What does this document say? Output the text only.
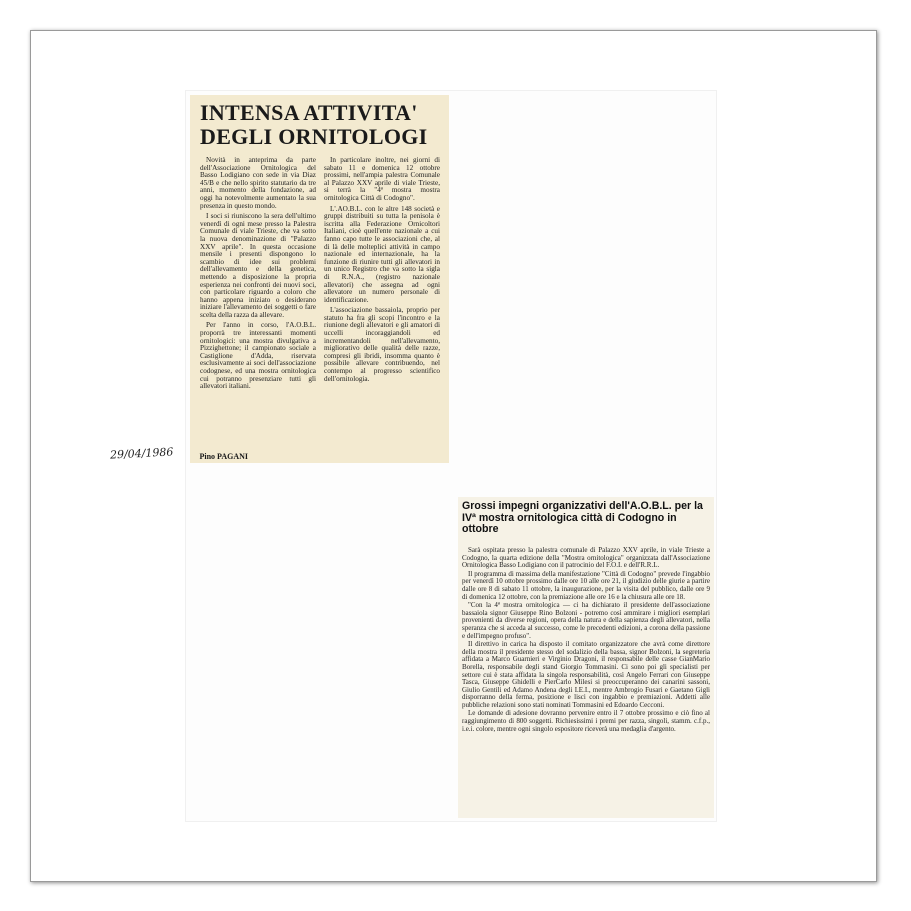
INTENSA ATTIVITA'
DEGLI ORNITOLOGI

Novità in anteprima da parte dell'Associazione Ornitologica del Basso Lodigiano con sede in via Diaz 45/B e che nello spirito statutario da tre anni, momento della fondazione, ad oggi ha notevolmente aumentato la sua presenza in questo mondo.

I soci si riuniscono la sera dell'ultimo venerdì di ogni mese presso la Palestra Comunale di viale Trieste, che va sotto la nuova denominazione di "Palazzo XXV aprile". In questa occasione mensile i presenti dispongono lo scambio di idee sui problemi dell'allevamento e della genetica, mettendo a disposizione la propria esperienza nei confronti dei nuovi soci, con particolare riguardo a coloro che hanno appena iniziato o desiderano iniziare l'allevamento dei soggetti o fare scelta della razza da allevare.

Per l'anno in corso, l'A.O.B.L. proporrà tre interessanti momenti ornitologici: una mostra divulgativa a Pizzighettone; il campionato sociale a Castiglione d'Adda, riservata esclusivamente ai soci dell'associazione codognese, ed una mostra ornitologica cui potranno presenziare tutti gli allevatori italiani.

In particolare inoltre, nei giorni di sabato 11 e domenica 12 ottobre prossimi, nell'ampia palestra Comunale al Palazzo XXV aprile di viale Trieste, si terrà la "4ª mostra mostra ornitologica Città di Codogno".

L'.AO.B.L. con le altre 148 società e gruppi distribuiti su tutta la penisola è iscritta alla Federazione Ornicoltori Italiani, cioè quell'ente nazionale a cui fanno capo tutte le associazioni che, al di là delle molteplici attività in campo nazionale ed internazionale, ha la funzione di riunire tutti gli allevatori in un unico Registro che va sotto la sigla di R.N.A., (registro nazionale allevatori) che assegna ad ogni allevatore un numero personale di identificazione.

L'associazione bassaiola, proprio per statuto ha fra gli scopi l'incontro e la riunione degli allevatori e gli amatori di uccelli incoraggiandoli ed incrementandoli nell'allevamento, migliorativo delle qualità delle razze, compresi gli ibridi, insomma quanto è possibile allevare contribuendo, nel contempo al progresso scientifico dell'ornitologia.

29/04/1986	Pino PAGANI
Grossi impegni organizzativi dell'A.O.B.L. per la IVª mostra ornitologica città di Codogno in ottobre

Sarà ospitata presso la palestra comunale di Palazzo XXV aprile, in viale Trieste a Codogno, la quarta edizione della "Mostra ornitologica" organizzata dall'Associazione Ornitologica Basso Lodigiano con il patrocinio del F.O.I. e dell'R.R.L.

Il programma di massima della manifestazione "Città di Codogno" prevede l'ingabbio per venerdì 10 ottobre prossimo dalle ore 10 alle ore 21, il giudizio delle giurie a partire dalle ore 8 di sabato 11 ottobre, la inaugurazione, per la visita del pubblico, dalle ore 9 di domenica 12 ottobre, con la premiazione alle ore 16 e la chiusura alle ore 18.

"Con la 4ª mostra ornitologica — ci ha dichiarato il presidente dell'associazione bassaiola signor Giuseppe Rino Bolzoni - potremo così ammirare i migliori esemplari provenienti da diverse regioni, opera della natura e della sapienza degli allevatori, nella speranza che si acceda al successo, come le precedenti edizioni, a corona della passione e dell'impegno profuso".

Il direttivo in carica ha disposto il comitato organizzatore che avrà come direttore della mostra il presidente stesso del sodalizio della bassa, signor Bolzoni, la segreteria affidata a Marco Guarnieri e Virginio Dragoni, il responsabile delle casse GianMario Borella, responsabile degli stand Giorgio Tommasini. Ci sono poi gli specialisti per settore cui è stata affidata la singola responsabilità, così Angelo Ferrari con Giuseppe Tasca, Giuseppe Ghidelli e PierCarlo Milesi si preoccuperanno dei canarini sassoni, Giulio Gentili ed Adamo Andena degli I.E.I., mentre Ambrogio Fusari e Gaetano Gigli disporranno della ferma, posizione e lisci con ingabbio e premiazioni. Addetti alle pubbliche relazioni sono stati nominati Tommasini ed Edoardo Cecconi.

Le domande di adesione dovranno pervenire entro il 7 ottobre prossimo e ciò fino al raggiungimento di 800 soggetti. Richiesissimi i premi per razza, singoli, stamm. c.f.p., i.e.i. colore, mentre ogni singolo espositore riceverà una medaglia d'argento.
